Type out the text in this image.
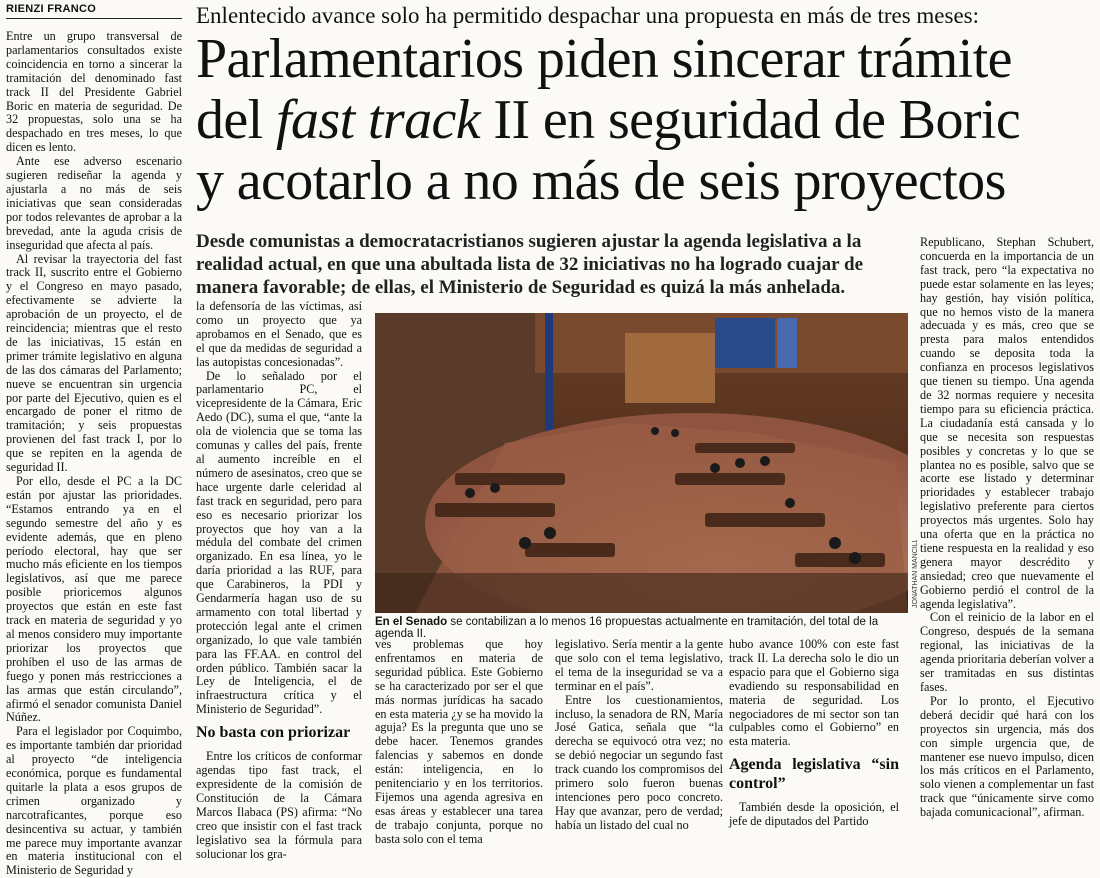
RIENZI FRANCO	Enlentecido avance solo ha permitido despachar una propuesta en más de tres meses:
Parlamentarios piden sincerar trámite
del fast track II en seguridad de Boric
y acotarlo a no más de seis proyectos
Desde comunistas a democratacristianos sugieren ajustar la agenda legislativa a la realidad actual, en que una abultada lista de 32 iniciativas no ha logrado cuajar de manera favorable; de ellas, el Ministerio de Seguridad es quizá la más anhelada.

Entre un grupo transversal de parlamentarios consultados existe coincidencia en torno a sincerar la tramitación del denominado fast track II del Presidente Gabriel Boric en materia de seguridad. De 32 propuestas, solo una se ha despachado en tres meses, lo que dicen es lento.

Ante ese adverso escenario sugieren rediseñar la agenda y ajustarla a no más de seis iniciativas que sean consideradas por todos relevantes de aprobar a la brevedad, ante la aguda crisis de inseguridad que afecta al país.

Al revisar la trayectoria del fast track II, suscrito entre el Gobierno y el Congreso en mayo pasado, efectivamente se advierte la aprobación de un proyecto, el de reincidencia; mientras que el resto de las iniciativas, 15 están en primer trámite legislativo en alguna de las dos cámaras del Parlamento; nueve se encuentran sin urgencia por parte del Ejecutivo, quien es el encargado de poner el ritmo de tramitación; y seis propuestas provienen del fast track I, por lo que se repiten en la agenda de seguridad II.

Por ello, desde el PC a la DC están por ajustar las prioridades. “Estamos entrando ya en el segundo semestre del año y es evidente además, que en pleno período electoral, hay que ser mucho más eficiente en los tiempos legislativos, así que me parece posible prioricemos algunos proyectos que están en este fast track en materia de seguridad y yo al menos considero muy importante priorizar los proyectos que prohíben el uso de las armas de fuego y ponen más restricciones a las armas que están circulando”, afirmó el senador comunista Daniel Núñez.

Para el legislador por Coquimbo, es importante también dar prioridad al proyecto “de inteligencia económica, porque es fundamental quitarle la plata a esos grupos de crimen organizado y narcotraficantes, porque eso desincentiva su actuar, y también me parece muy importante avanzar en materia institucional con el Ministerio de Seguridad y

la defensoría de las víctimas, así como un proyecto que ya aprobamos en el Senado, que es el que da medidas de seguridad a las autopistas concesionadas”.

De lo señalado por el parlamentario PC, el vicepresidente de la Cámara, Eric Aedo (DC), suma el que, “ante la ola de violencia que se toma las comunas y calles del país, frente al aumento increíble en el número de asesinatos, creo que se hace urgente darle celeridad al fast track en seguridad, pero para eso es necesario priorizar los proyectos que hoy van a la médula del combate del crimen organizado. En esa línea, yo le daría prioridad a las RUF, para que Carabineros, la PDI y Gendarmería hagan uso de su armamento con total libertad y protección legal ante el crimen organizado, lo que vale también para las FF.AA. en control del orden público. También sacar la Ley de Inteligencia, el de infraestructura crítica y el Ministerio de Seguridad”.

No basta con priorizar

Entre los críticos de conformar agendas tipo fast track, el expresidente de la comisión de Constitución de la Cámara Marcos Ilabaca (PS) afirma: “No creo que insistir con el fast track legislativo sea la fórmula para solucionar los gra-

JONATHAN MANCILLA
En el Senado se contabilizan a lo menos 16 propuestas actualmente en tramitación, del total de la agenda II.

ves problemas que hoy enfrentamos en materia de seguridad pública. Este Gobierno se ha caracterizado por ser el que más normas jurídicas ha sacado en esta materia ¿y se ha movido la aguja? Es la pregunta que uno se debe hacer. Tenemos grandes falencias y sabemos en donde están: inteligencia, en lo penitenciario y en los territorios. Fijemos una agenda agresiva en esas áreas y establecer una tarea de trabajo conjunta, porque no basta solo con el tema

legislativo. Sería mentir a la gente que solo con el tema legislativo, el tema de la inseguridad se va a terminar en el país”.

Entre los cuestionamientos, incluso, la senadora de RN, María José Gatica, señala que “la derecha se equivocó otra vez; no se debió negociar un segundo fast track cuando los compromisos del primero solo fueron buenas intenciones pero poco concreto. Hay que avanzar, pero de verdad; había un listado del cual no

hubo avance 100% con este fast track II. La derecha solo le dio un espacio para que el Gobierno siga evadiendo su responsabilidad en materia de seguridad. Los negociadores de mi sector son tan culpables como el Gobierno” en esta materia.

Agenda legislativa “sin control”

También desde la oposición, el jefe de diputados del Partido

Republicano, Stephan Schubert, concuerda en la importancia de un fast track, pero “la expectativa no puede estar solamente en las leyes; hay gestión, hay visión política, que no hemos visto de la manera adecuada y es más, creo que se presta para malos entendidos cuando se deposita toda la confianza en procesos legislativos que tienen su tiempo. Una agenda de 32 normas requiere y necesita tiempo para su eficiencia práctica. La ciudadanía está cansada y lo que se necesita son respuestas posibles y concretas y lo que se plantea no es posible, salvo que se acorte ese listado y determinar prioridades y establecer trabajo legislativo preferente para ciertos proyectos más urgentes. Solo hay una oferta que en la práctica no tiene respuesta en la realidad y eso genera mayor descrédito y ansiedad; creo que nuevamente el Gobierno perdió el control de la agenda legislativa”.

Con el reinicio de la labor en el Congreso, después de la semana regional, las iniciativas de la agenda prioritaria deberían volver a ser tramitadas en sus distintas fases.

Por lo pronto, el Ejecutivo deberá decidir qué hará con los proyectos sin urgencia, más dos con simple urgencia que, de mantener ese nuevo impulso, dicen los más críticos en el Parlamento, solo vienen a complementar un fast track que “únicamente sirve como bajada comunicacional”, afirman.
